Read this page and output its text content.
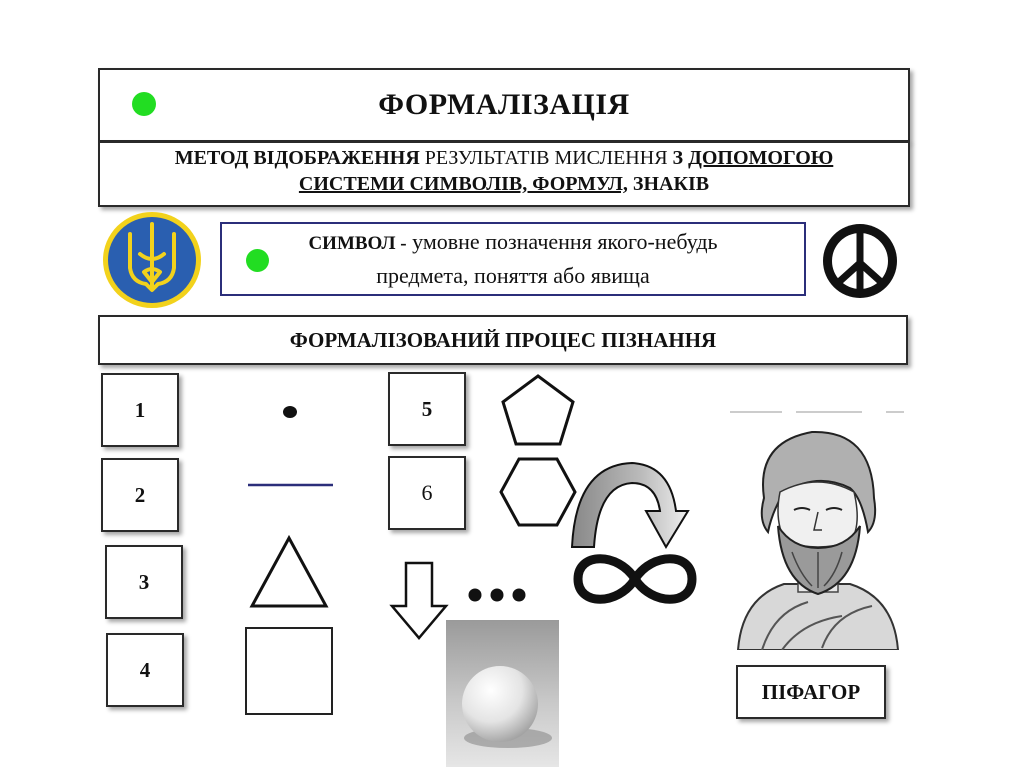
ФОРМАЛІЗАЦІЯ
МЕТОД ВІДОБРАЖЕННЯ РЕЗУЛЬТАТІВ МИСЛЕННЯ З ДОПОМОГОЮ
СИСТЕМИ СИМВОЛІВ, ФОРМУЛ, ЗНАКІВ
СИМВОЛ - умовне позначення якого-небудь
предмета, поняття або явища
ФОРМАЛІЗОВАНИЙ ПРОЦЕС ПІЗНАННЯ
1
2
3
4
5
6
ПІФАГОР
